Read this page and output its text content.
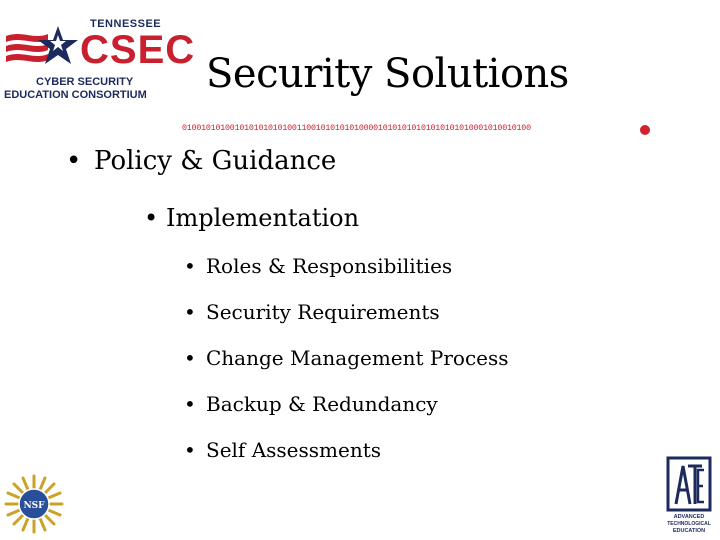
TENNESSEE
CSEC
CYBER SECURITY
EDUCATION CONSORTIUM Security Solutions
0100101010010101010101001100101010101000010101010101010101010001010010100
• Policy & Guidance
• Implementation
• Roles & Responsibilities
• Security Requirements
• Change Management Process
• Backup & Redundancy
• Self Assessments
NSF
ADVANCED
TECHNOLOGICAL
EDUCATION
